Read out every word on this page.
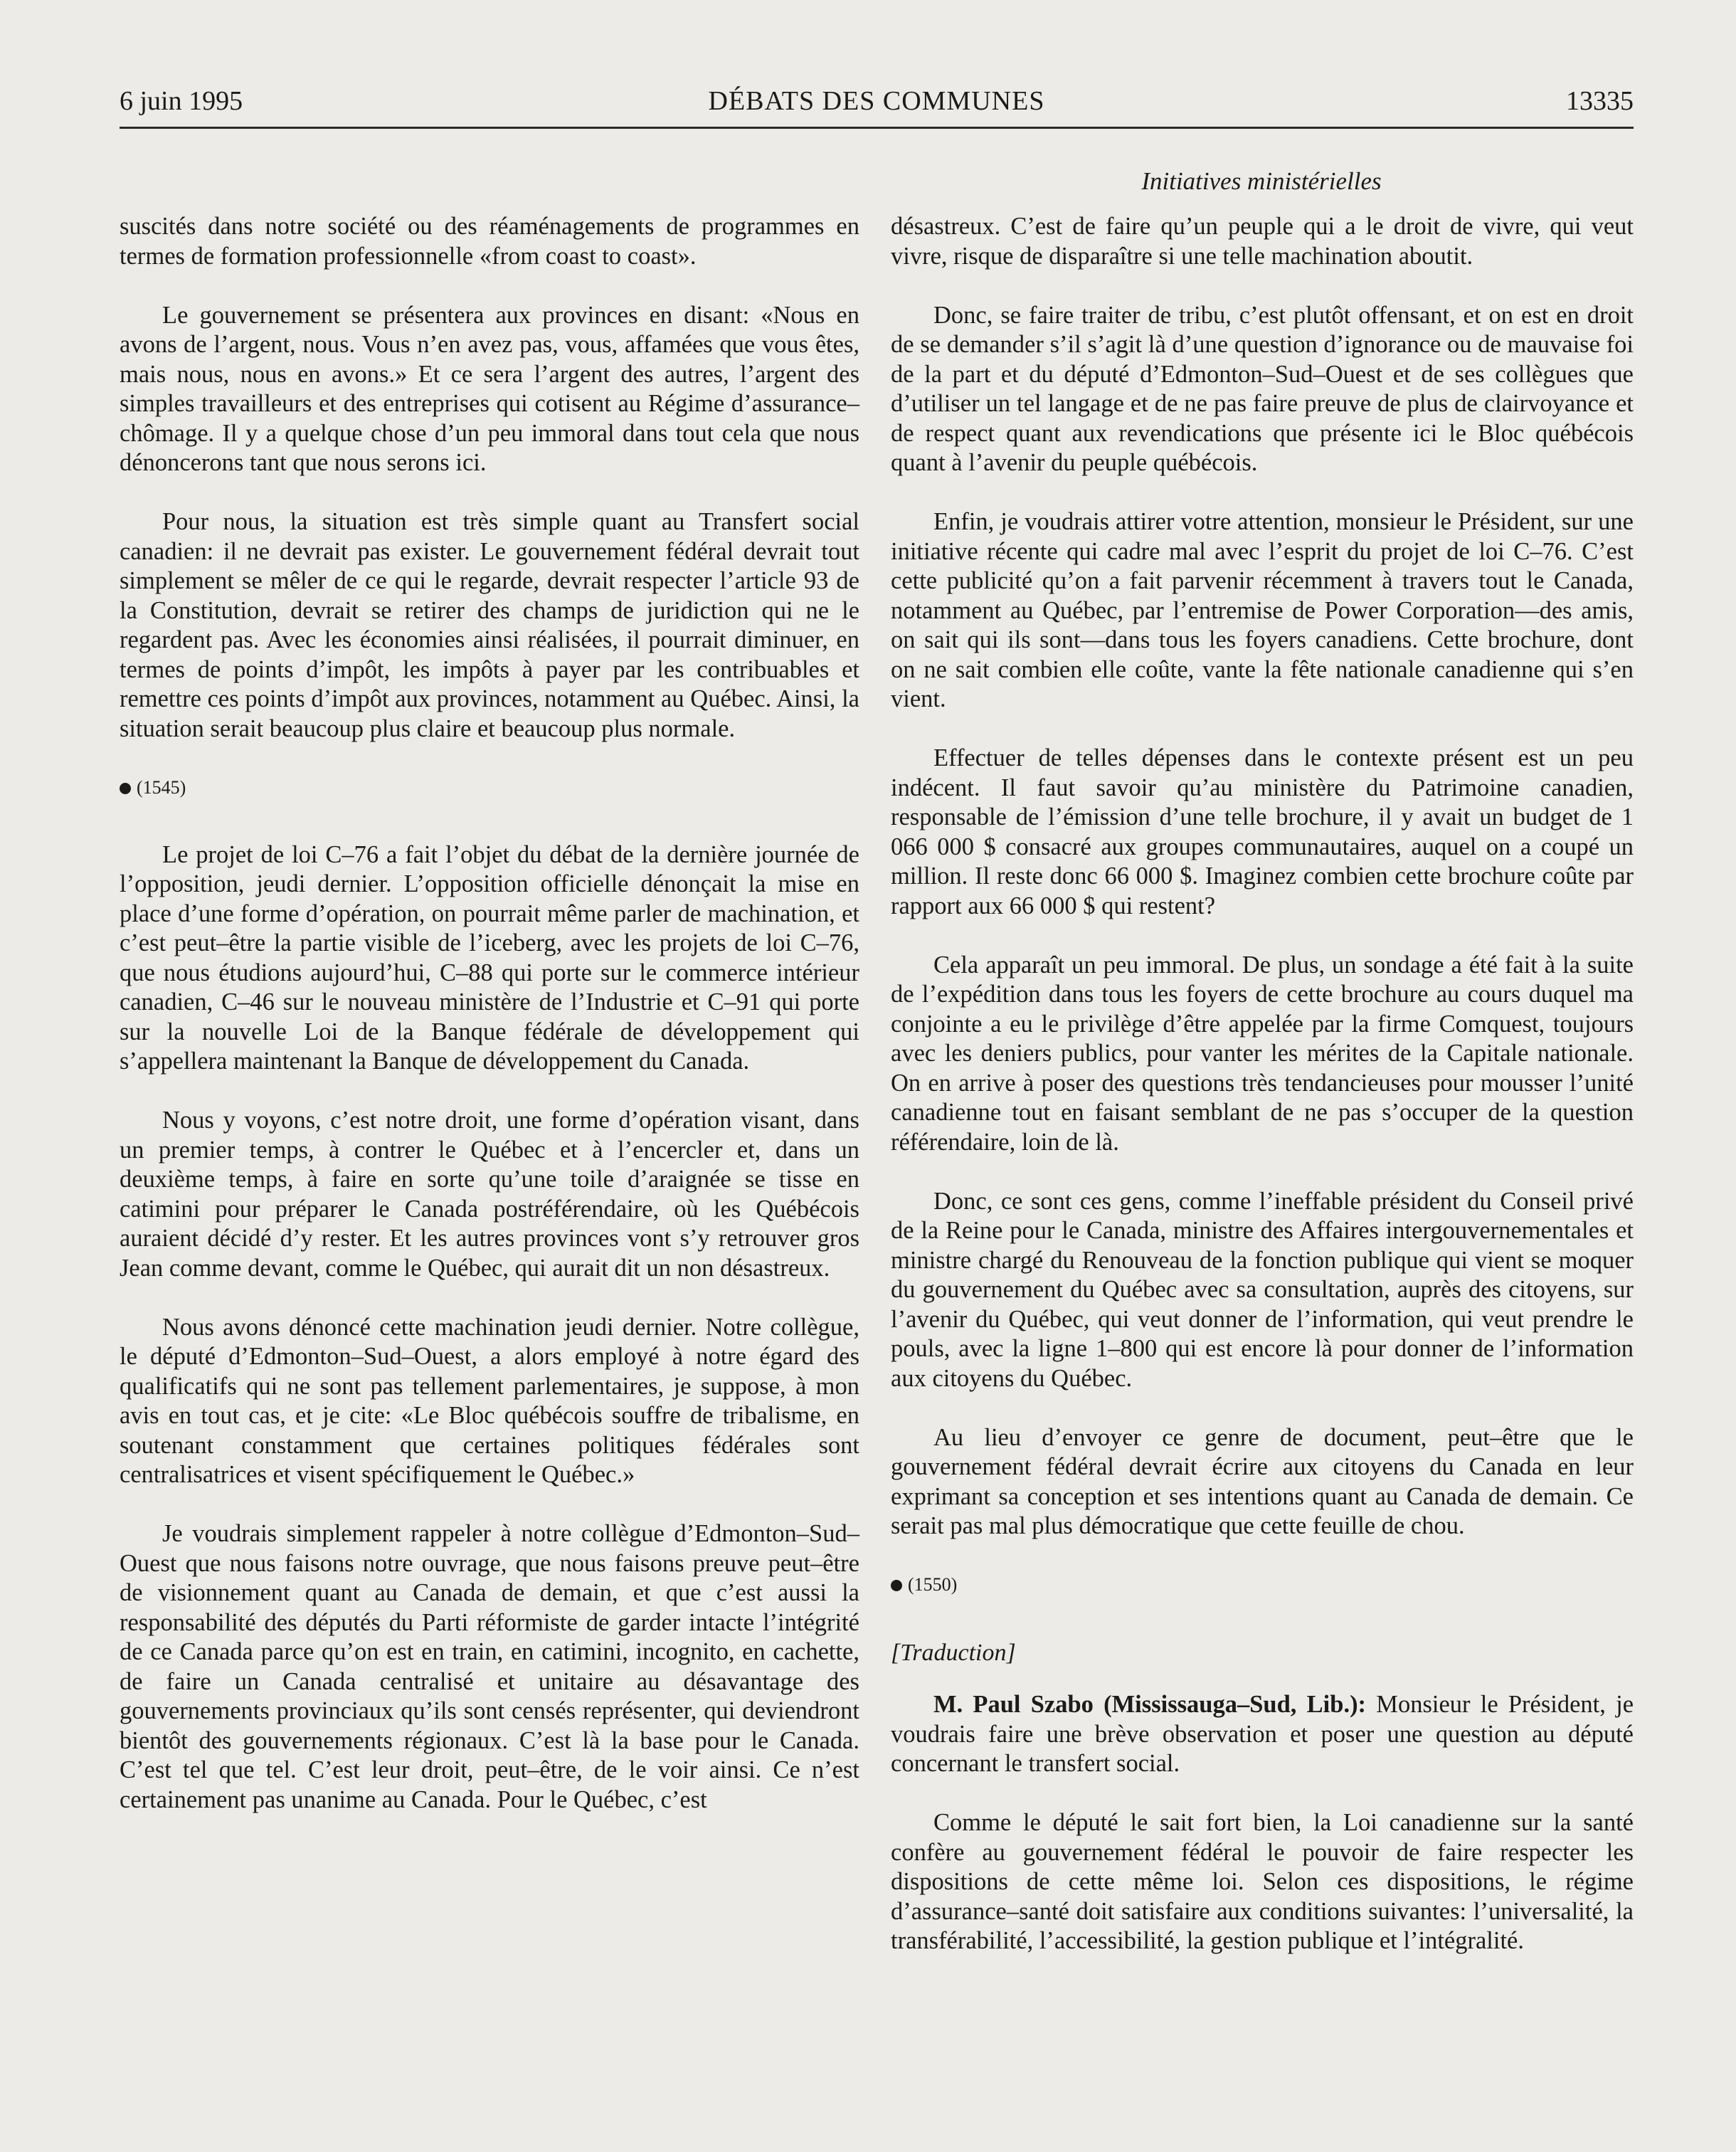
6 juin 1995	DÉBATS DES COMMUNES	13335
Initiatives ministérielles

suscités dans notre société ou des réaménagements de programmes en termes de formation professionnelle «from coast to coast».

Le gouvernement se présentera aux provinces en disant: «Nous en avons de l’argent, nous. Vous n’en avez pas, vous, affamées que vous êtes, mais nous, nous en avons.» Et ce sera l’argent des autres, l’argent des simples travailleurs et des entreprises qui cotisent au Régime d’assurance–chômage. Il y a quelque chose d’un peu immoral dans tout cela que nous dénoncerons tant que nous serons ici.

Pour nous, la situation est très simple quant au Transfert social canadien: il ne devrait pas exister. Le gouvernement fédéral devrait tout simplement se mêler de ce qui le regarde, devrait respecter l’article 93 de la Constitution, devrait se retirer des champs de juridiction qui ne le regardent pas. Avec les économies ainsi réalisées, il pourrait diminuer, en termes de points d’impôt, les impôts à payer par les contribuables et remettre ces points d’impôt aux provinces, notamment au Québec. Ainsi, la situation serait beaucoup plus claire et beaucoup plus normale.

(1545)

Le projet de loi C–76 a fait l’objet du débat de la dernière journée de l’opposition, jeudi dernier. L’opposition officielle dénonçait la mise en place d’une forme d’opération, on pourrait même parler de machination, et c’est peut–être la partie visible de l’iceberg, avec les projets de loi C–76, que nous étudions aujourd’hui, C–88 qui porte sur le commerce intérieur canadien, C–46 sur le nouveau ministère de l’Industrie et C–91 qui porte sur la nouvelle Loi de la Banque fédérale de développement qui s’appellera maintenant la Banque de développement du Canada.

Nous y voyons, c’est notre droit, une forme d’opération visant, dans un premier temps, à contrer le Québec et à l’encercler et, dans un deuxième temps, à faire en sorte qu’une toile d’araignée se tisse en catimini pour préparer le Canada postréférendaire, où les Québécois auraient décidé d’y rester. Et les autres provinces vont s’y retrouver gros Jean comme devant, comme le Québec, qui aurait dit un non désastreux.

Nous avons dénoncé cette machination jeudi dernier. Notre collègue, le député d’Edmonton–Sud–Ouest, a alors employé à notre égard des qualificatifs qui ne sont pas tellement parlementaires, je suppose, à mon avis en tout cas, et je cite: «Le Bloc québécois souffre de tribalisme, en soutenant constamment que certaines politiques fédérales sont centralisatrices et visent spécifiquement le Québec.»

Je voudrais simplement rappeler à notre collègue d’Edmonton–Sud–Ouest que nous faisons notre ouvrage, que nous faisons preuve peut–être de visionnement quant au Canada de demain, et que c’est aussi la responsabilité des députés du Parti réformiste de garder intacte l’intégrité de ce Canada parce qu’on est en train, en catimini, incognito, en cachette, de faire un Canada centralisé et unitaire au désavantage des gouvernements provinciaux qu’ils sont censés représenter, qui deviendront bientôt des gouvernements régionaux. C’est là la base pour le Canada. C’est tel que tel. C’est leur droit, peut–être, de le voir ainsi. Ce n’est certainement pas unanime au Canada. Pour le Québec, c’est

désastreux. C’est de faire qu’un peuple qui a le droit de vivre, qui veut vivre, risque de disparaître si une telle machination aboutit.

Donc, se faire traiter de tribu, c’est plutôt offensant, et on est en droit de se demander s’il s’agit là d’une question d’ignorance ou de mauvaise foi de la part et du député d’Edmonton–Sud–Ouest et de ses collègues que d’utiliser un tel langage et de ne pas faire preuve de plus de clairvoyance et de respect quant aux revendications que présente ici le Bloc québécois quant à l’avenir du peuple québécois.

Enfin, je voudrais attirer votre attention, monsieur le Président, sur une initiative récente qui cadre mal avec l’esprit du projet de loi C–76. C’est cette publicité qu’on a fait parvenir récemment à travers tout le Canada, notamment au Québec, par l’entremise de Power Corporation—des amis, on sait qui ils sont—dans tous les foyers canadiens. Cette brochure, dont on ne sait combien elle coûte, vante la fête nationale canadienne qui s’en vient.

Effectuer de telles dépenses dans le contexte présent est un peu indécent. Il faut savoir qu’au ministère du Patrimoine canadien, responsable de l’émission d’une telle brochure, il y avait un budget de 1 066 000 $ consacré aux groupes communautaires, auquel on a coupé un million. Il reste donc 66 000 $. Imaginez combien cette brochure coûte par rapport aux 66 000 $ qui restent?

Cela apparaît un peu immoral. De plus, un sondage a été fait à la suite de l’expédition dans tous les foyers de cette brochure au cours duquel ma conjointe a eu le privilège d’être appelée par la firme Comquest, toujours avec les deniers publics, pour vanter les mérites de la Capitale nationale. On en arrive à poser des questions très tendancieuses pour mousser l’unité canadienne tout en faisant semblant de ne pas s’occuper de la question référendaire, loin de là.

Donc, ce sont ces gens, comme l’ineffable président du Conseil privé de la Reine pour le Canada, ministre des Affaires intergouvernementales et ministre chargé du Renouveau de la fonction publique qui vient se moquer du gouvernement du Québec avec sa consultation, auprès des citoyens, sur l’avenir du Québec, qui veut donner de l’information, qui veut prendre le pouls, avec la ligne 1–800 qui est encore là pour donner de l’information aux citoyens du Québec.

Au lieu d’envoyer ce genre de document, peut–être que le gouvernement fédéral devrait écrire aux citoyens du Canada en leur exprimant sa conception et ses intentions quant au Canada de demain. Ce serait pas mal plus démocratique que cette feuille de chou.

(1550)
[Traduction]

M. Paul Szabo (Mississauga–Sud, Lib.): Monsieur le Président, je voudrais faire une brève observation et poser une question au député concernant le transfert social.

Comme le député le sait fort bien, la Loi canadienne sur la santé confère au gouvernement fédéral le pouvoir de faire respecter les dispositions de cette même loi. Selon ces dispositions, le régime d’assurance–santé doit satisfaire aux conditions suivantes: l’universalité, la transférabilité, l’accessibilité, la gestion publique et l’intégralité.
